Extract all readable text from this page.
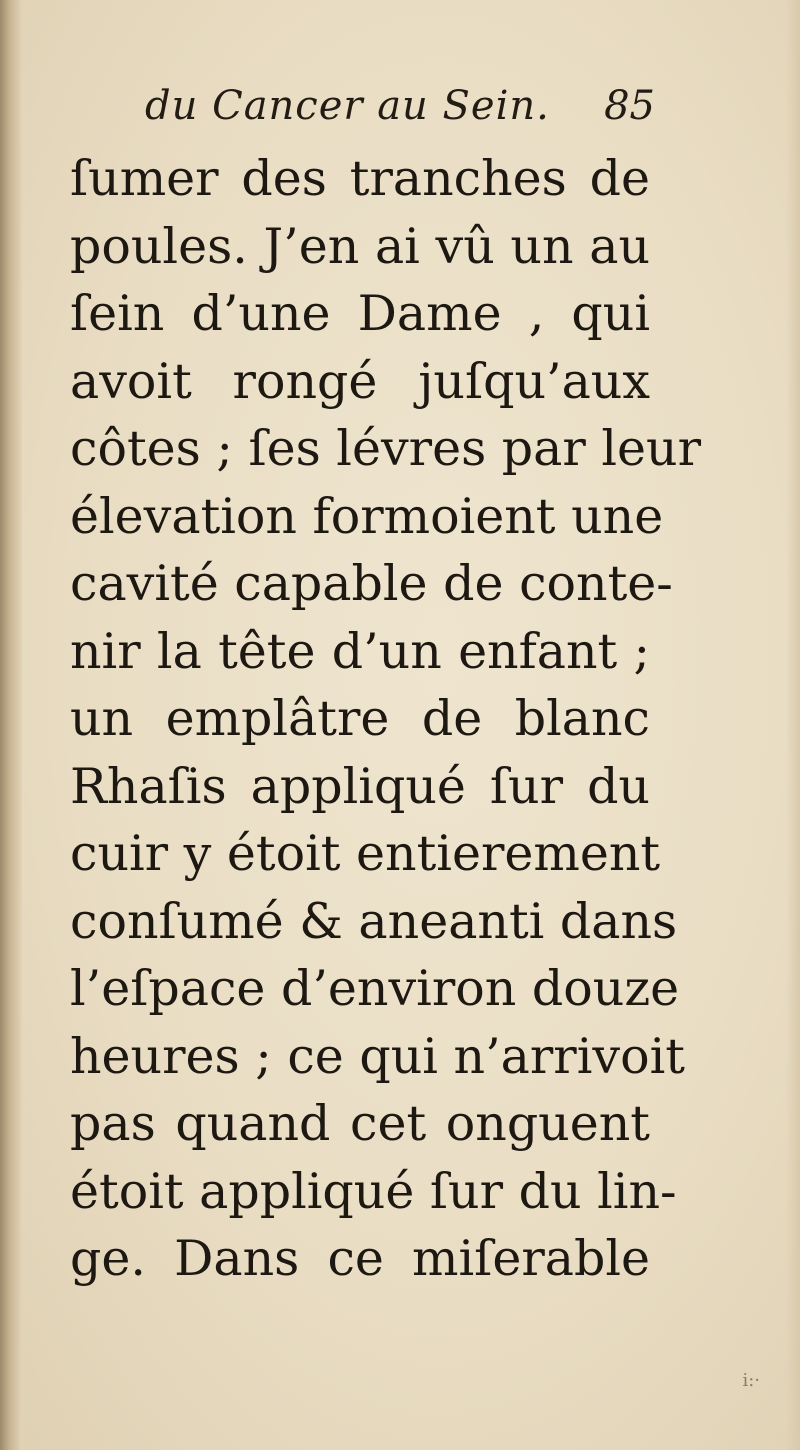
du Cancer au Sein. 85
ſumer des tranches de
poules. J’en ai vû un au
ſein d’une Dame , qui
avoit rongé juſqu’aux
côtes ; ſes lévres par leur
élevation formoient une
cavité capable de conte-
nir la tête d’un enfant ;
un emplâtre de blanc
Rhaſis appliqué ſur du
cuir y étoit entierement
conſumé & aneanti dans
l’eſpace d’environ douze
heures ; ce qui n’arrivoit
pas quand cet onguent
étoit appliqué ſur du lin-
ge. Dans ce miſerable
i:·
